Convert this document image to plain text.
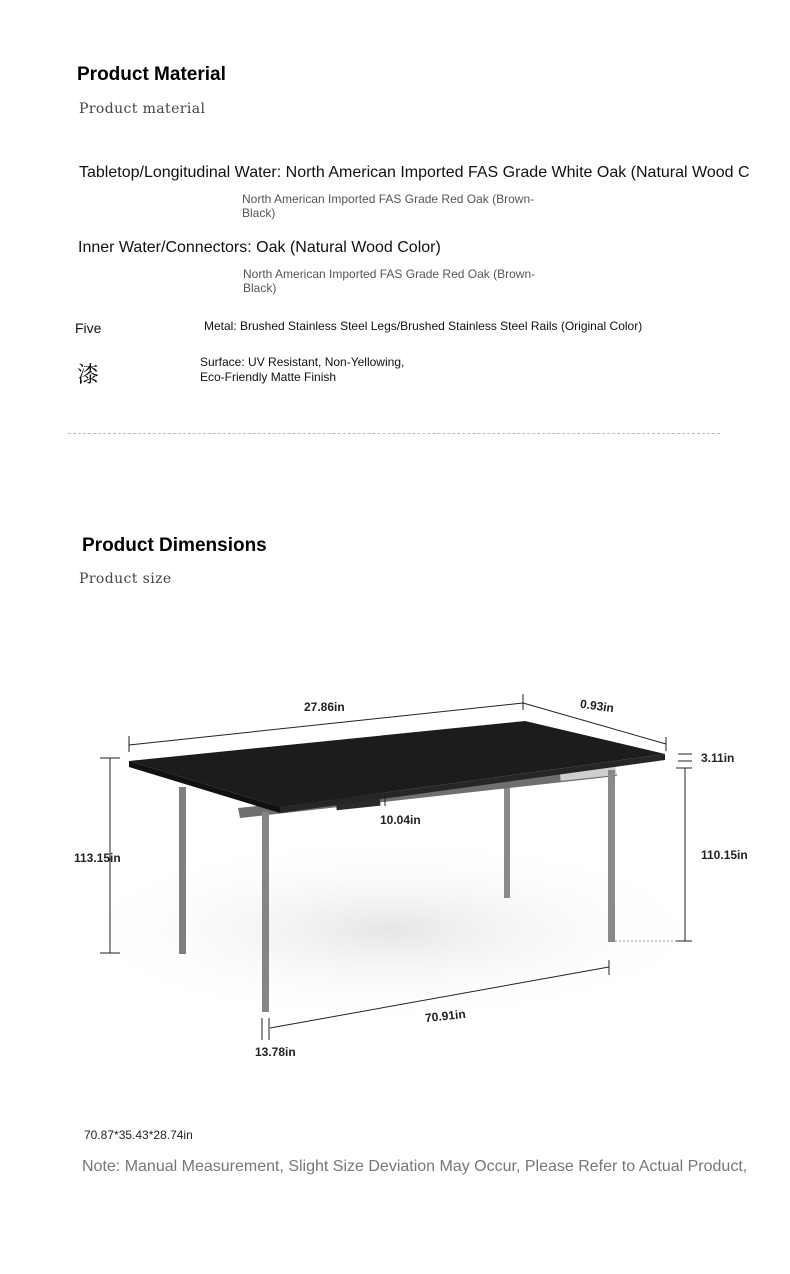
Product Material
Product material
Tabletop/Longitudinal Water: North American Imported FAS Grade White Oak (Natural Wood C
North American Imported FAS Grade Red Oak (Brown-Black)
Inner Water/Connectors: Oak (Natural Wood Color)
North American Imported FAS Grade Red Oak (Brown-Black)
Five	Metal: Brushed Stainless Steel Legs/Brushed Stainless Steel Rails (Original Color)
漆
Surface: UV Resistant, Non-Yellowing,
Eco-Friendly Matte Finish
Product Dimensions
Product size
27.86in	0.93in
3.11in
10.04in
113.15in	110.15in
70.91in
13.78in
70.87*35.43*28.74in
Note: Manual Measurement, Slight Size Deviation May Occur, Please Refer to Actual Product,
